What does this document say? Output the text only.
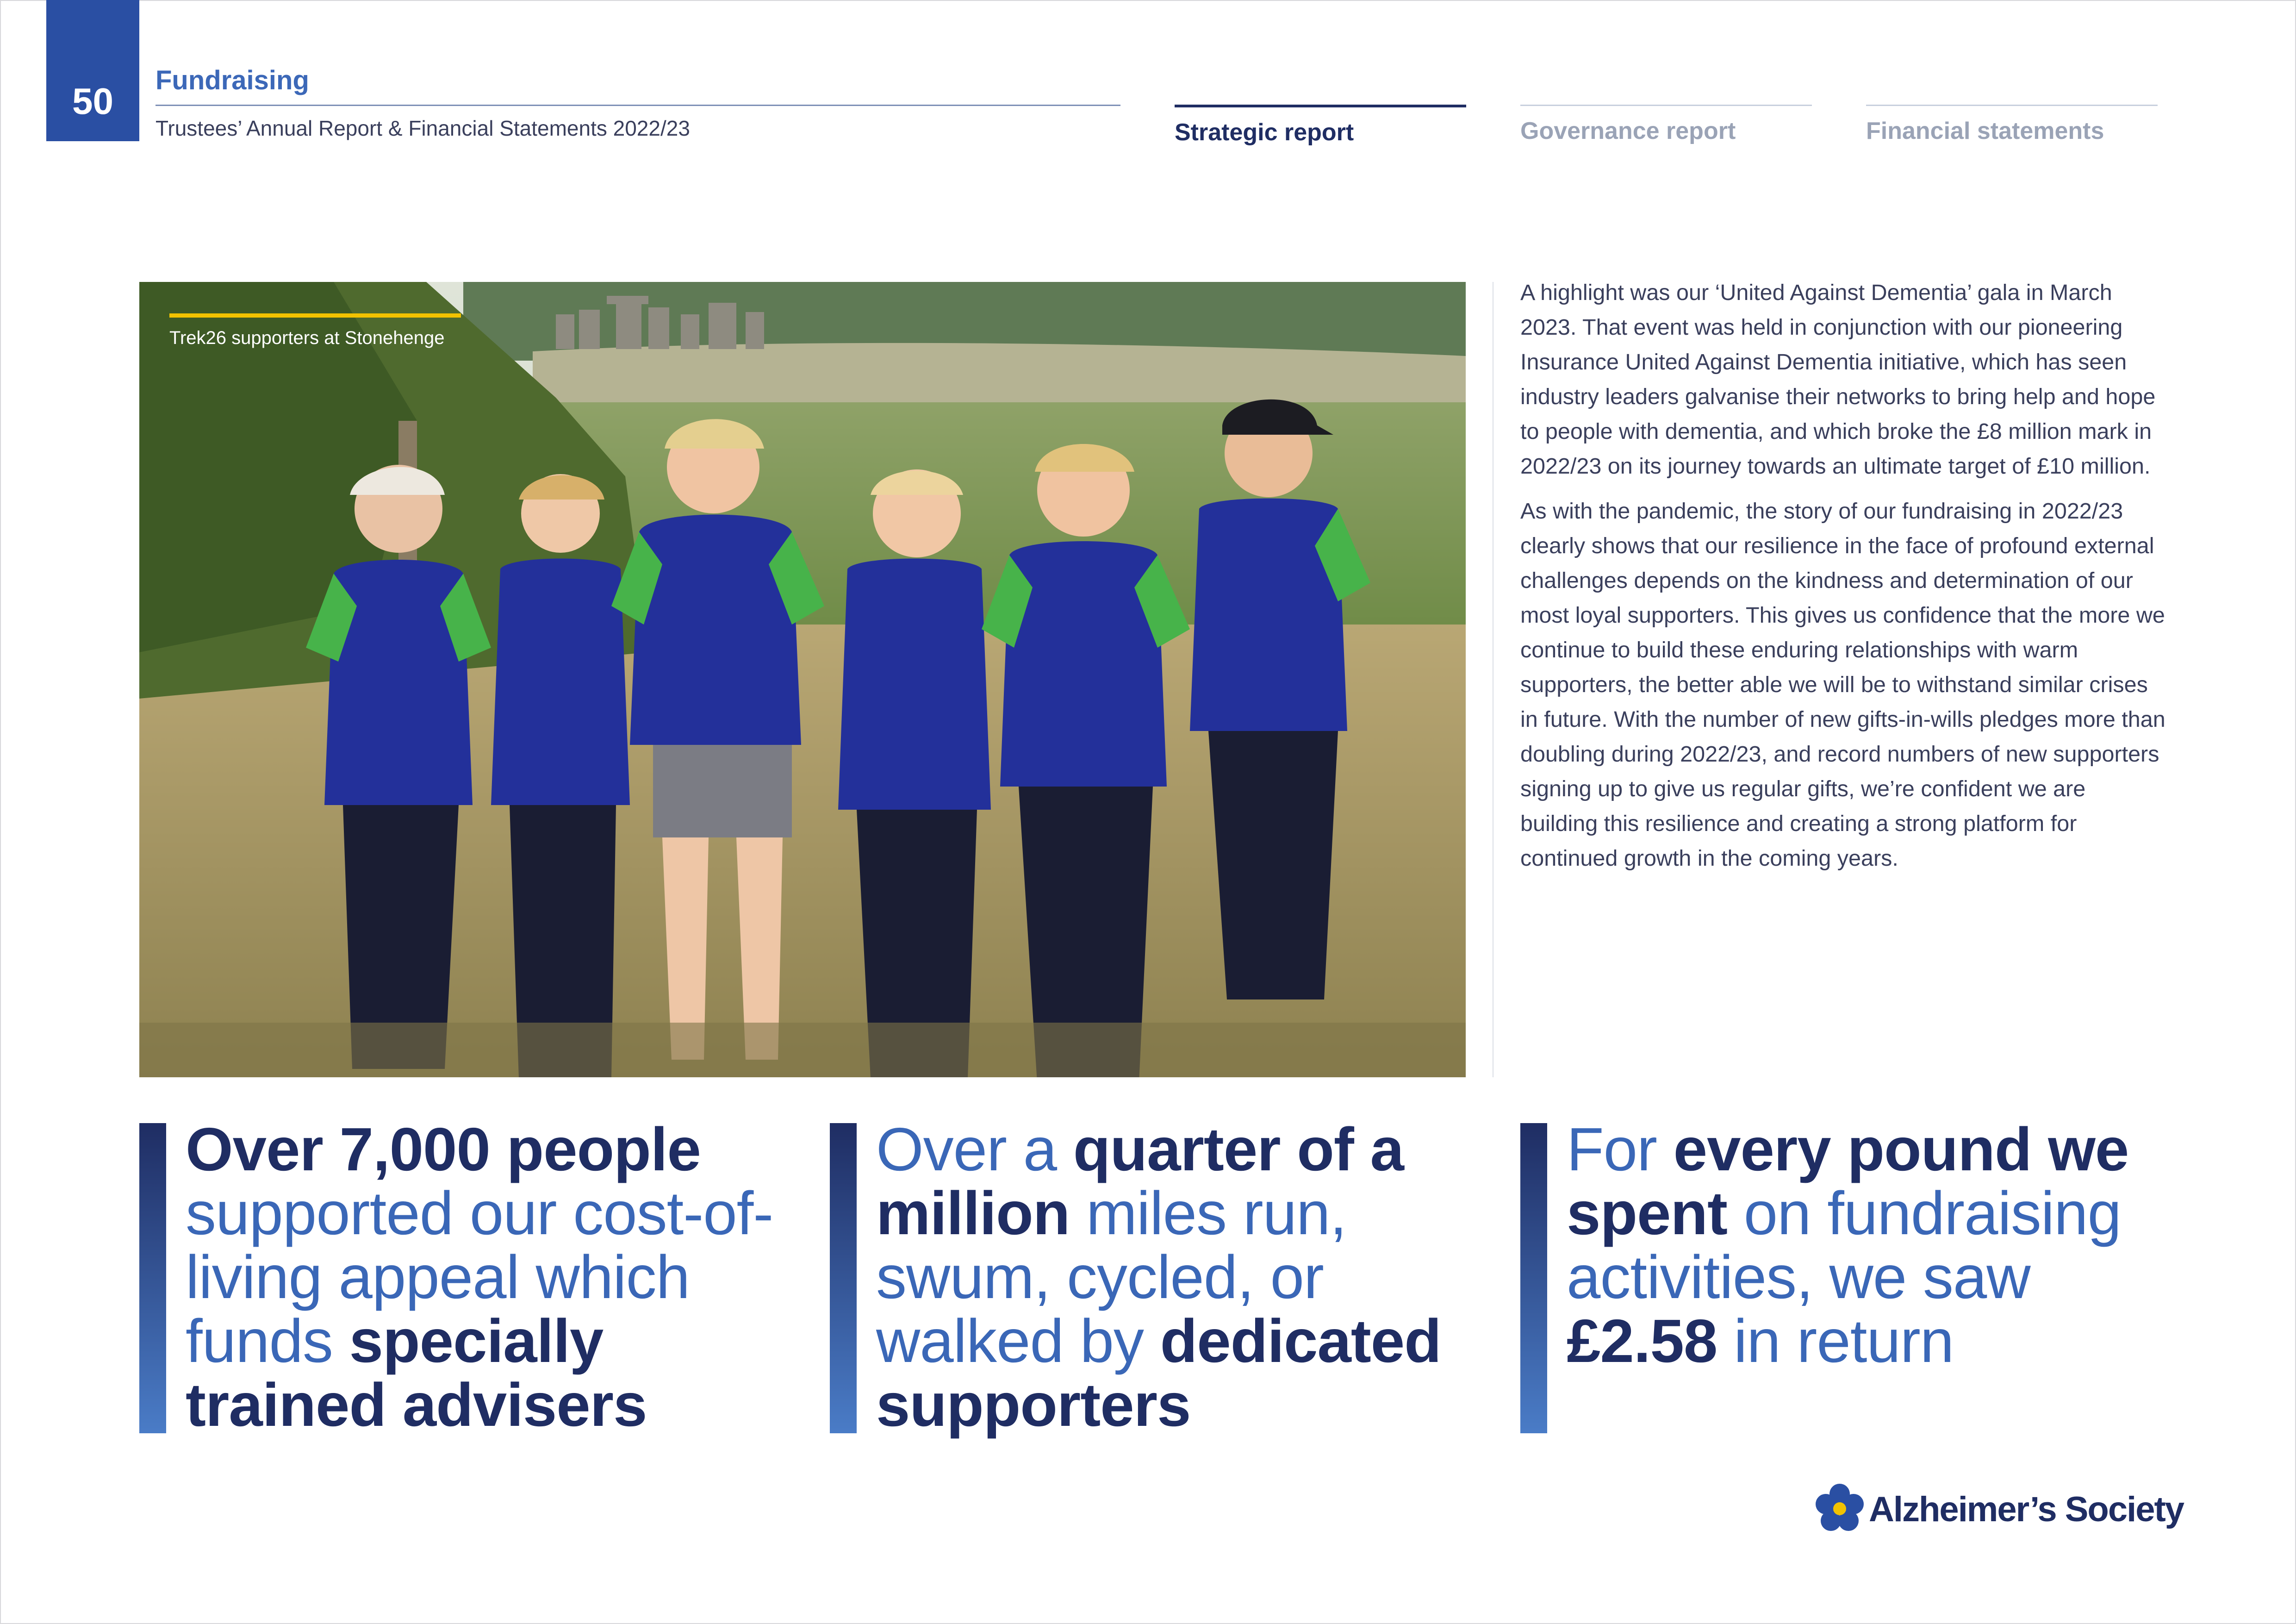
50
Fundraising
Trustees’ Annual Report & Financial Statements 2022/23	Strategic report	Governance report	Financial statements
Trek26 supporters at Stonehenge

A highlight was our ‘United Against Dementia’ gala in March 2023. That event was held in conjunction with our pioneering Insurance United Against Dementia initiative, which has seen industry leaders galvanise their networks to bring help and hope to people with dementia, and which broke the £8 million mark in 2022/23 on its journey towards an ultimate target of £10 million.

As with the pandemic, the story of our fundraising in 2022/23 clearly shows that our resilience in the face of profound external challenges depends on the kindness and determination of our most loyal supporters. This gives us confidence that the more we continue to build these enduring relationships with warm supporters, the better able we will be to withstand similar crises in future. With the number of new gifts-in-wills pledges more than doubling during 2022/23, and record numbers of new supporters signing up to give us regular gifts, we’re confident we are building this resilience and creating a strong platform for continued growth in the coming years.

Over 7,000 people supported our cost-of-living appeal which funds specially trained advisers
Over a quarter of a million miles run, swum, cycled, or walked by dedicated supporters
For every pound we spent on fundraising activities, we saw £2.58 in return
Alzheimer’s Society
